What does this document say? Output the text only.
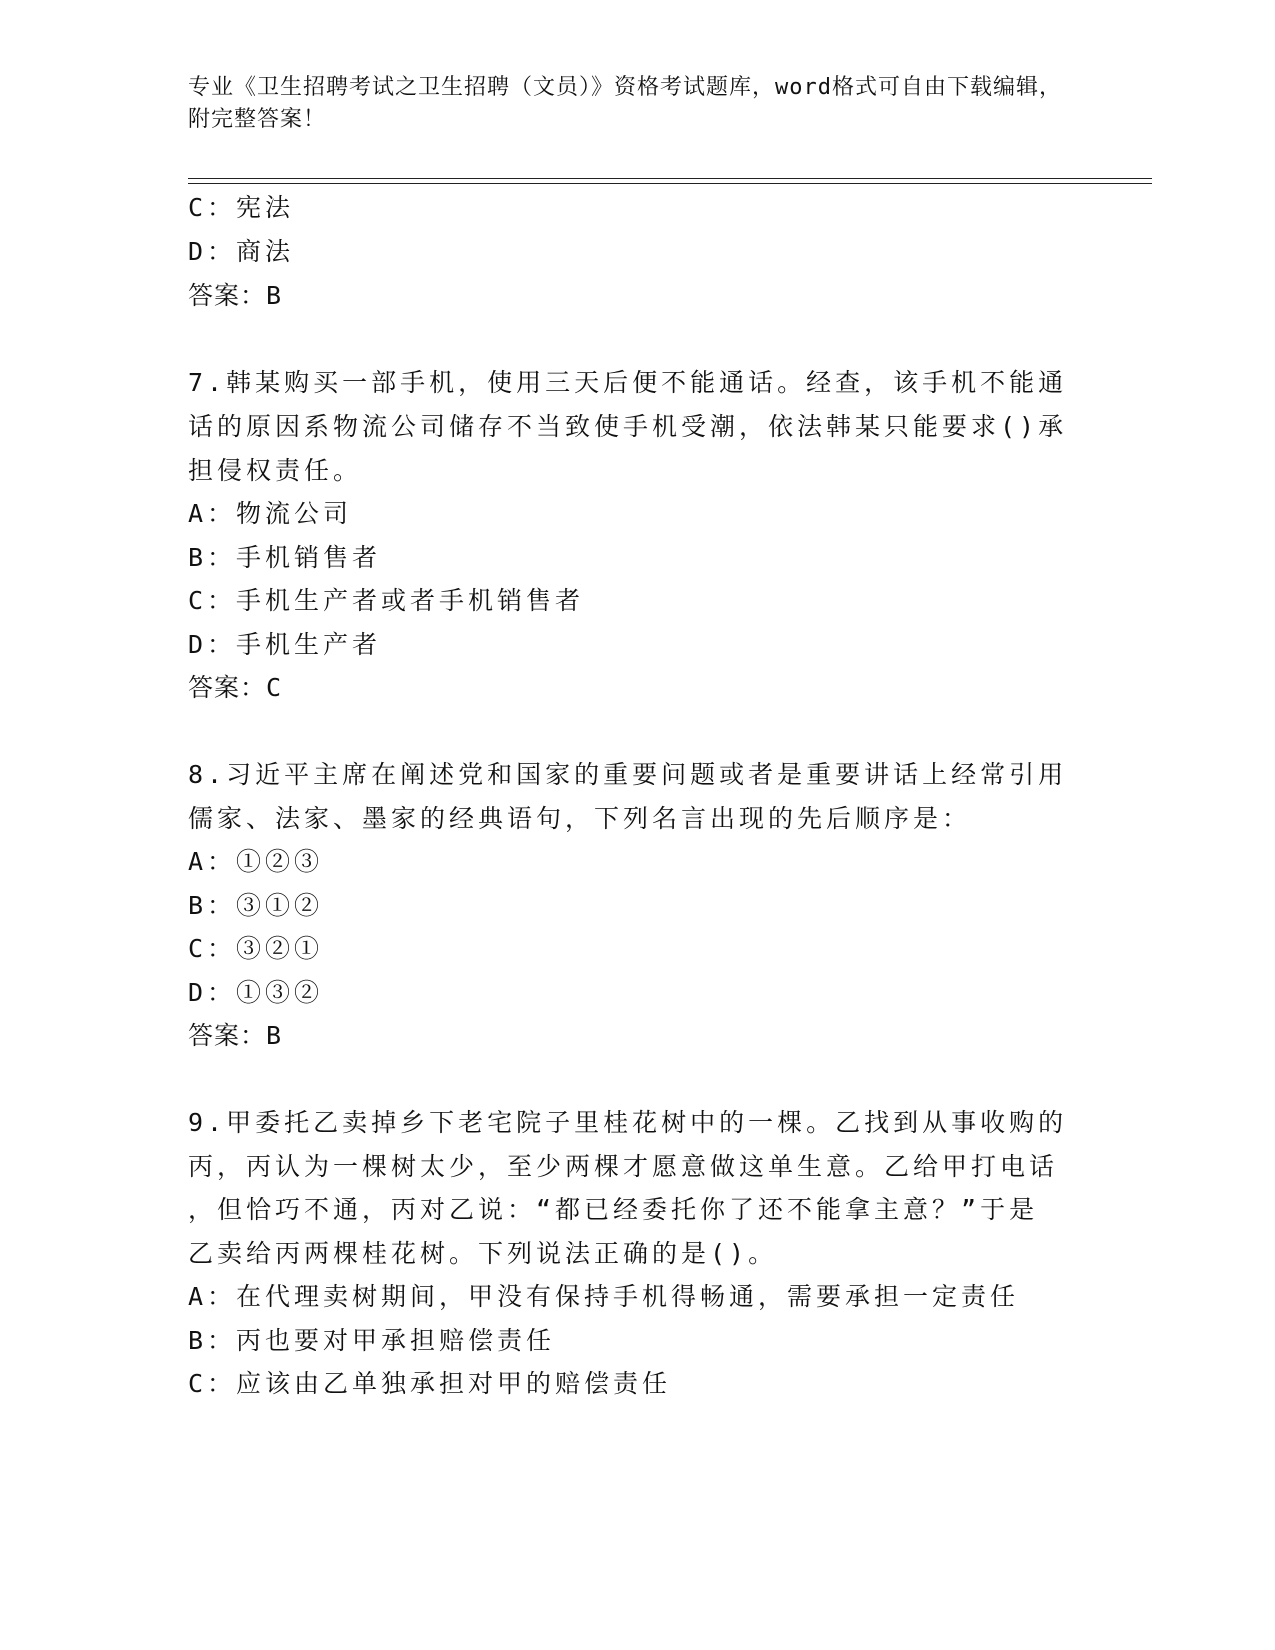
专业《卫生招聘考试之卫生招聘（文员）》资格考试题库，word格式可自由下载编辑，附完整答案！
C：宪法
D：商法
答案：B
7.韩某购买一部手机，使用三天后便不能通话。经查，该手机不能通
话的原因系物流公司储存不当致使手机受潮，依法韩某只能要求()承
担侵权责任。
A：物流公司
B：手机销售者
C：手机生产者或者手机销售者
D：手机生产者
答案：C
8.习近平主席在阐述党和国家的重要问题或者是重要讲话上经常引用
儒家、法家、墨家的经典语句，下列名言出现的先后顺序是：
A：①②③
B：③①②
C：③②①
D：①③②
答案：B
9.甲委托乙卖掉乡下老宅院子里桂花树中的一棵。乙找到从事收购的
丙，丙认为一棵树太少，至少两棵才愿意做这单生意。乙给甲打电话
，但恰巧不通，丙对乙说：“都已经委托你了还不能拿主意？”于是
乙卖给丙两棵桂花树。下列说法正确的是()。
A：在代理卖树期间，甲没有保持手机得畅通，需要承担一定责任
B：丙也要对甲承担赔偿责任
C：应该由乙单独承担对甲的赔偿责任
